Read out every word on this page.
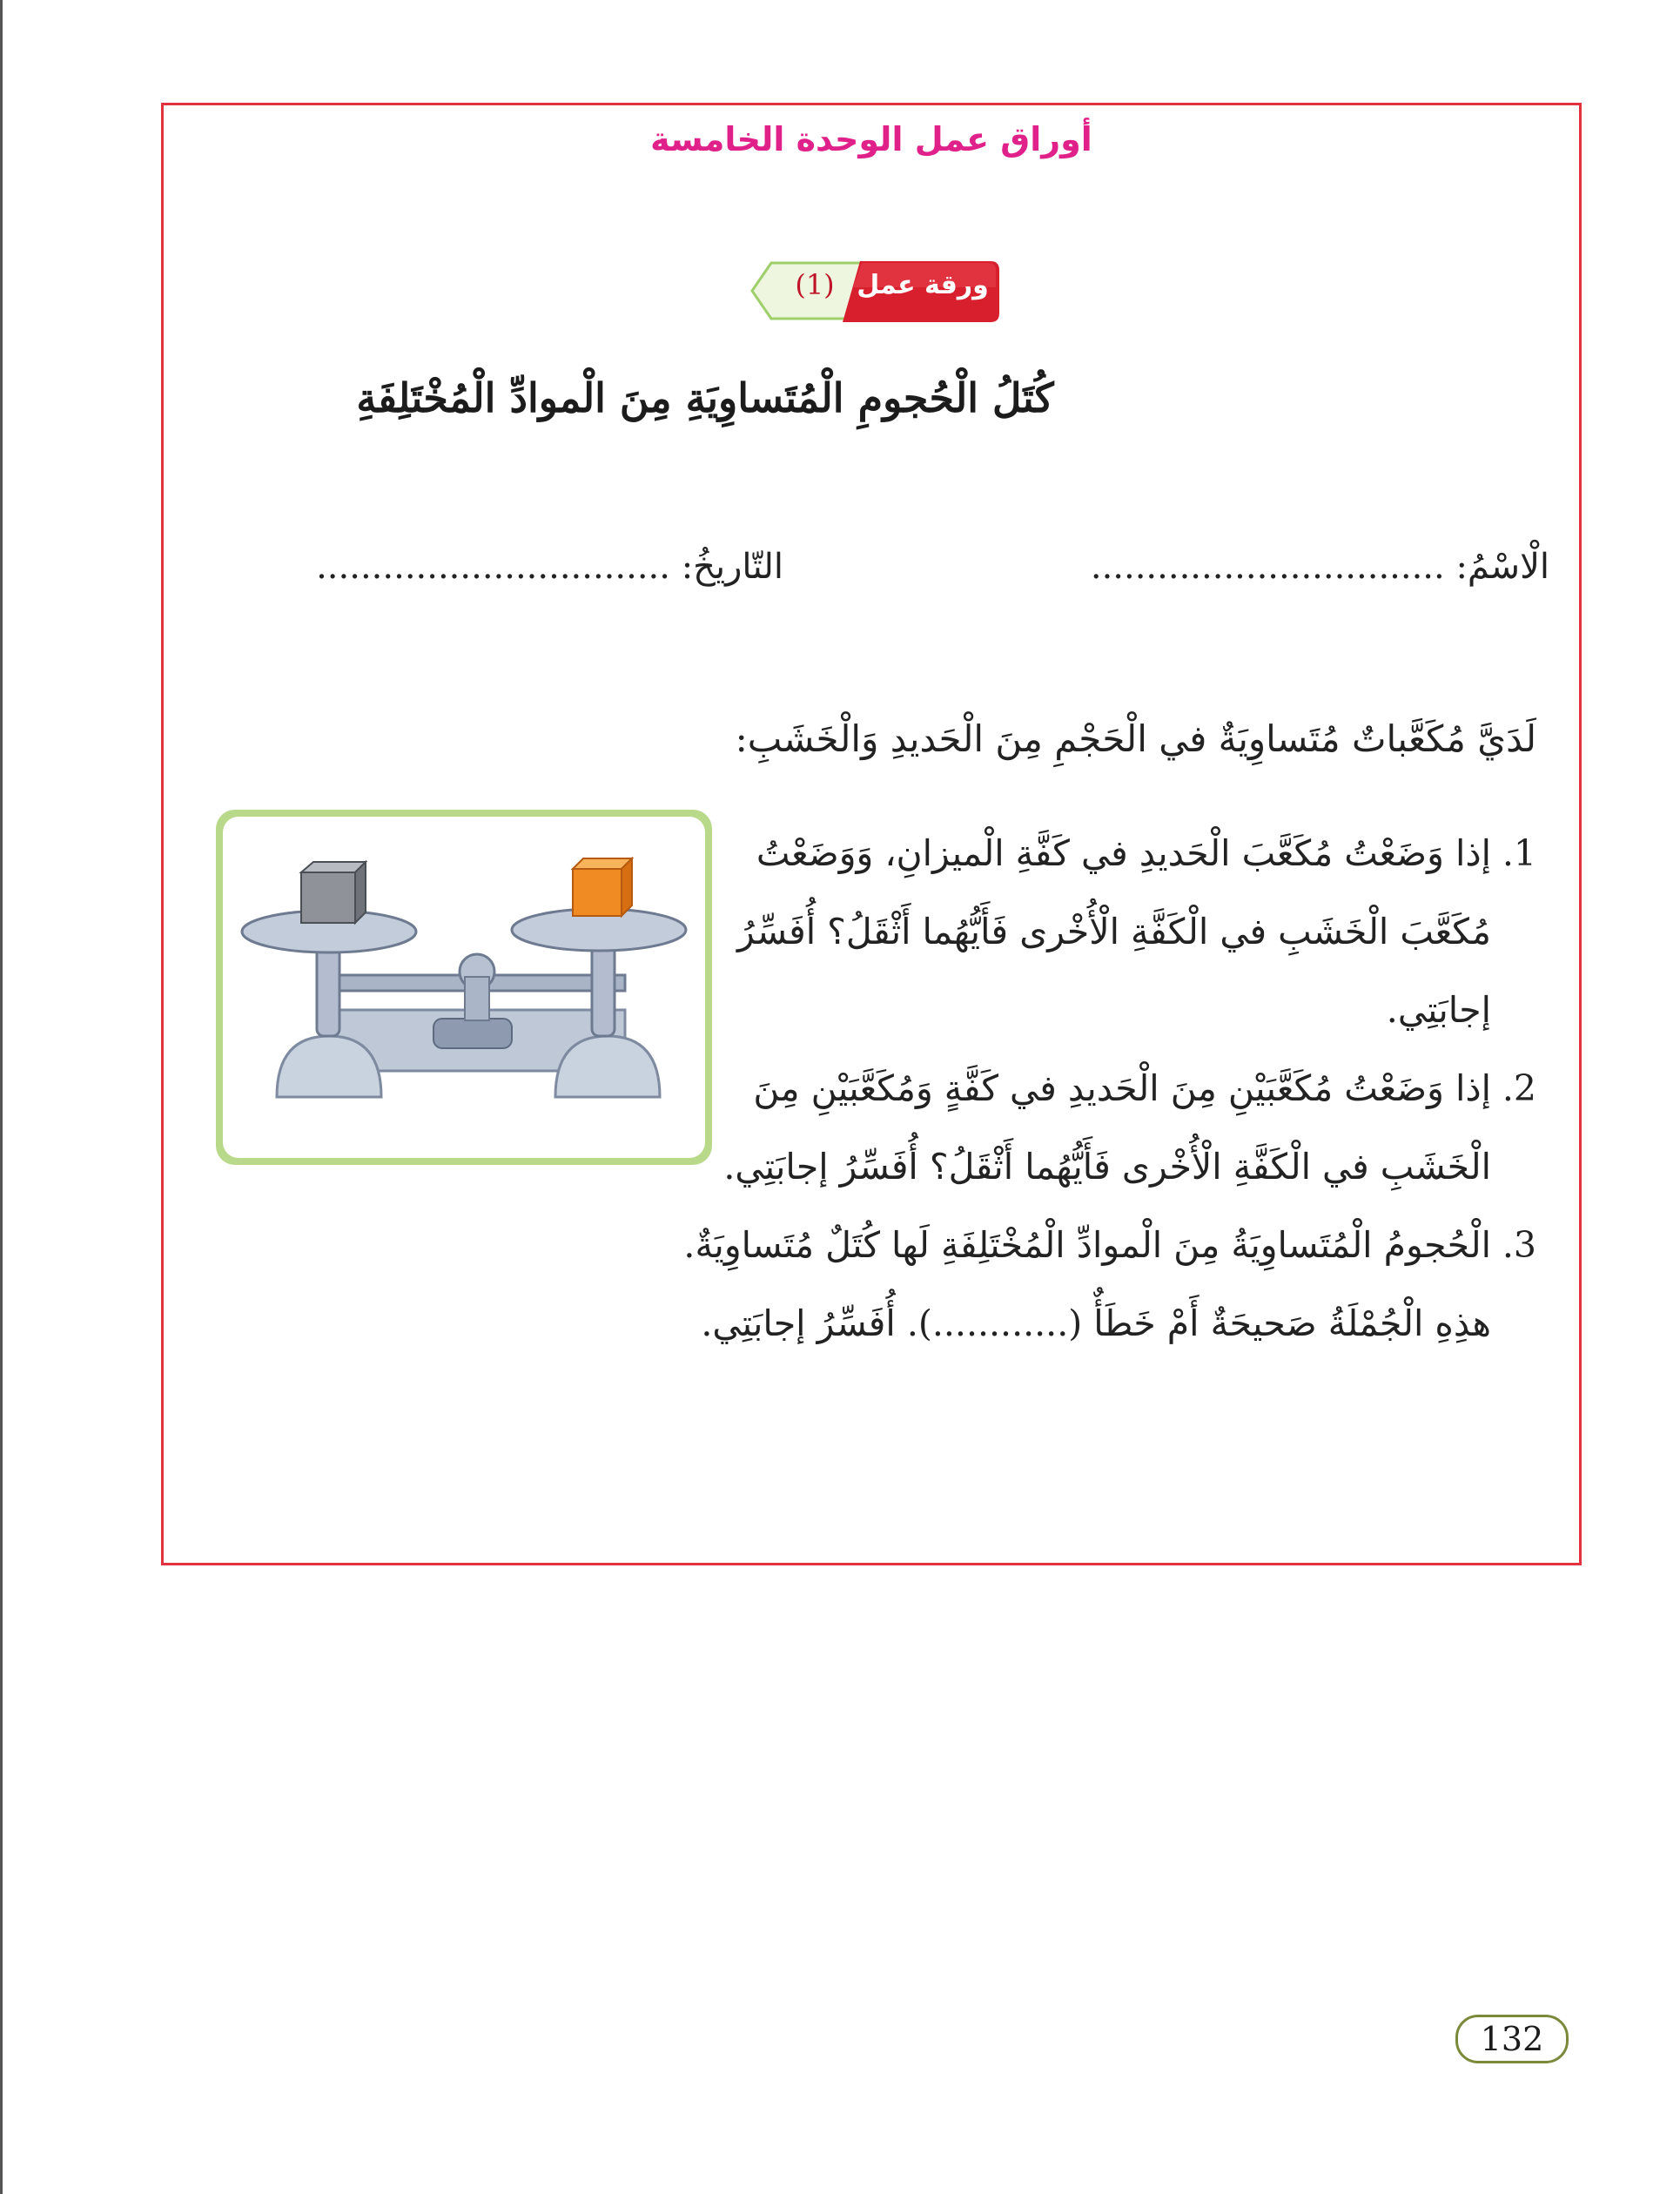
أوراق عمل الوحدة الخامسة
(1) ورقة عمل
كُتَلُ الْحُجومِ الْمُتَساوِيَةِ مِنَ الْموادِّ الْمُخْتَلِفَةِ
الْاسْمُ: ................................
التّاريخُ: ................................
لَدَيَّ مُكَعَّباتٌ مُتَساوِيَةٌ في الْحَجْمِ مِنَ الْحَديدِ وَالْخَشَبِ:
1.
إذا وَضَعْتُ مُكَعَّبَ الْحَديدِ في كَفَّةِ الْميزانِ، وَوَضَعْتُ مُكَعَّبَ الْخَشَبِ في الْكَفَّةِ الْأُخْرى فَأَيُّهُما أَثْقَلُ؟ أُفَسِّرُ إجابَتِي.
2.
إذا وَضَعْتُ مُكَعَّبَيْنِ مِنَ الْحَديدِ في كَفَّةٍ وَمُكَعَّبَيْنِ مِنَ الْخَشَبِ في الْكَفَّةِ الْأُخْرى فَأَيُّهُما أَثْقَلُ؟ أُفَسِّرُ إجابَتِي.
3.
الْحُجومُ الْمُتَساوِيَةُ مِنَ الْموادِّ الْمُخْتَلِفَةِ لَها كُتَلٌ مُتَساوِيَةٌ.
هذِهِ الْجُمْلَةُ صَحيحَةٌ أَمْ خَطَأٌ (............). أُفَسِّرُ إجابَتِي.
132
